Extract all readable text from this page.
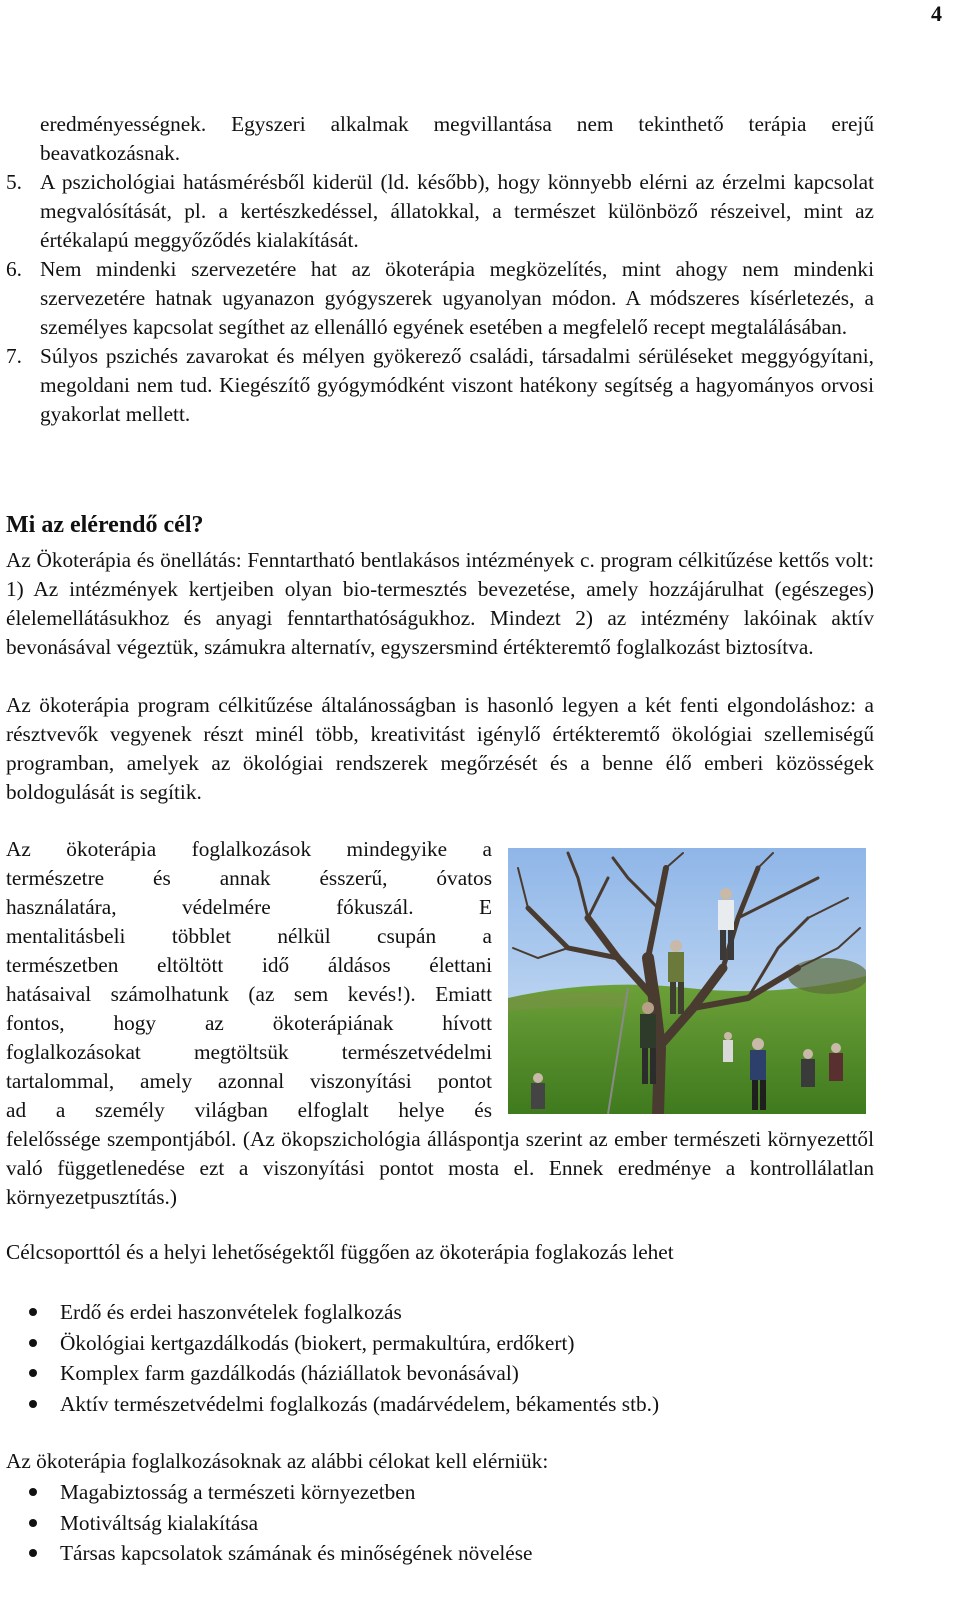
4
eredményességnek. Egyszeri alkalmak megvillantása nem tekinthető terápia erejű
beavatkozásnak.
5. A pszichológiai hatásmérésből kiderül (ld. később), hogy könnyebb elérni az érzelmi kapcsolat megvalósítását, pl. a kertészkedéssel, állatokkal, a természet különböző részeivel, mint az értékalapú meggyőződés kialakítását.
6. Nem mindenki szervezetére hat az ökoterápia megközelítés, mint ahogy nem mindenki szervezetére hatnak ugyanazon gyógyszerek ugyanolyan módon. A módszeres kísérletezés, a személyes kapcsolat segíthet az ellenálló egyének esetében a megfelelő recept megtalálásában.
7. Súlyos pszichés zavarokat és mélyen gyökerező családi, társadalmi sérüléseket meggyógyítani, megoldani nem tud. Kiegészítő gyógymódként viszont hatékony segítség a hagyományos orvosi gyakorlat mellett.
Mi az elérendő cél?

Az Ökoterápia és önellátás: Fenntartható bentlakásos intézmények c. program célkitűzése kettős volt: 1) Az intézmények kertjeiben olyan bio-termesztés bevezetése, amely hozzájárulhat (egészeges) élelemellátásukhoz és anyagi fenntarthatóságukhoz. Mindezt 2) az intézmény lakóinak aktív bevonásával végeztük, számukra alternatív, egyszersmind értékteremtő foglalkozást biztosítva.

Az ökoterápia program célkitűzése általánosságban is hasonló legyen a két fenti elgondoláshoz: a résztvevők vegyenek részt minél több, kreativitást igénylő értékteremtő ökológiai szellemiségű programban, amelyek az ökológiai rendszerek megőrzését és a benne élő emberi közösségek boldogulását is segítik.

Az ökoterápia foglalkozások mindegyike a
természetre és annak ésszerű, óvatos
használatára, védelmére fókuszál. E
mentalitásbeli többlet nélkül csupán a
természetben eltöltött idő áldásos élettani
hatásaival számolhatunk (az sem kevés!). Emiatt
fontos, hogy az ökoterápiának hívott
foglalkozásokat megtöltsük természetvédelmi
tartalommal, amely azonnal viszonyítási pontot
ad a személy világban elfoglalt helye és

felelőssége szempontjából. (Az ökopszichológia álláspontja szerint az ember természeti környezettől való függetlenedése ezt a viszonyítási pontot mosta el. Ennek eredménye a kontrollálatlan környezetpusztítás.)

Célcsoporttól és a helyi lehetőségektől függően az ökoterápia foglakozás lehet

Erdő és erdei haszonvételek foglalkozás
Ökológiai kertgazdálkodás (biokert, permakultúra, erdőkert)
Komplex farm gazdálkodás (háziállatok bevonásával)
Aktív természetvédelmi foglalkozás (madárvédelem, békamentés stb.)

Az ökoterápia foglalkozásoknak az alábbi célokat kell elérniük:

Magabiztosság a természeti környezetben
Motiváltság kialakítása
Társas kapcsolatok számának és minőségének növelése
